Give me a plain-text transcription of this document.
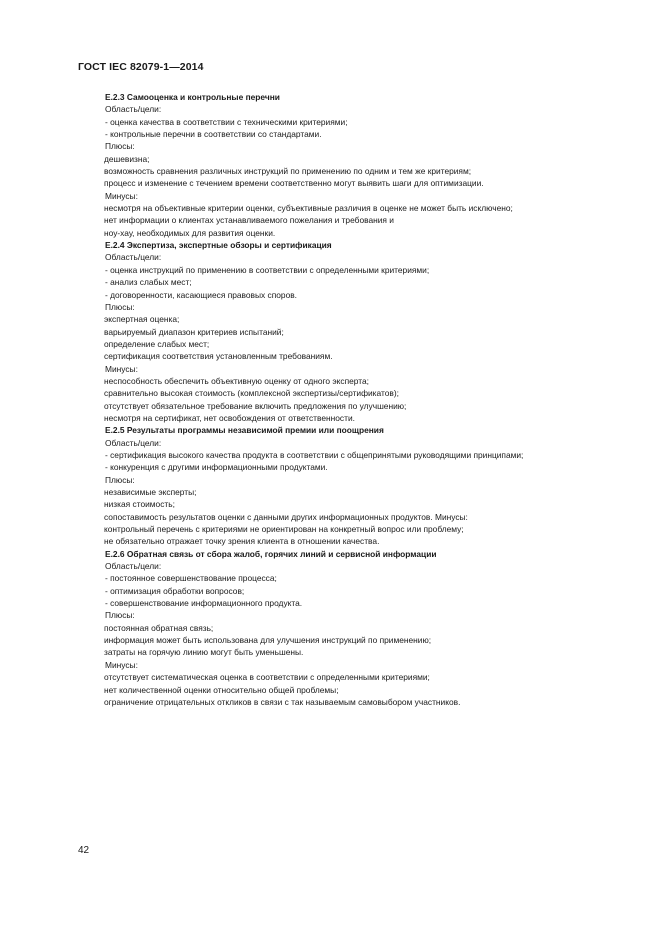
ГОСТ IEC 82079-1—2014
E.2.3 Самооценка и контрольные перечни
Область/цели:
- оценка качества в соответствии с техническими критериями;
- контрольные перечни в соответствии со стандартами.
Плюсы:
дешевизна;
возможность сравнения различных инструкций по применению по одним и тем же критериям;
процесс и изменение с течением времени соответственно могут выявить шаги для оптимизации.
Минусы:
несмотря на объективные критерии оценки, субъективные различия в оценке не может быть исключено;
нет информации о клиентах устанавливаемого пожелания и требования и
ноу-хау, необходимых для развития оценки.
E.2.4 Экспертиза, экспертные обзоры и сертификация
Область/цели:
- оценка инструкций по применению в соответствии с определенными критериями;
- анализ слабых мест;
- договоренности, касающиеся правовых споров.
Плюсы:
экспертная оценка;
варьируемый диапазон критериев испытаний;
определение слабых мест;
сертификация соответствия установленным требованиям.
Минусы:
неспособность обеспечить объективную оценку от одного эксперта;
сравнительно высокая стоимость (комплексной экспертизы/сертификатов);
отсутствует обязательное требование включить предложения по улучшению;
несмотря на сертификат, нет освобождения от ответственности.
E.2.5 Результаты программы независимой премии или поощрения
Область/цели:
- сертификация высокого качества продукта в соответствии с общепринятыми руководящими принципами;
- конкуренция с другими информационными продуктами.
Плюсы:
независимые эксперты;
низкая стоимость;
сопоставимость результатов оценки с данными других информационных продуктов. Минусы:
контрольный перечень с критериями не ориентирован на конкретный вопрос или проблему;
не обязательно отражает точку зрения клиента в отношении качества.
E.2.6 Обратная связь от сбора жалоб, горячих линий и сервисной информации
Область/цели:
- постоянное совершенствование процесса;
- оптимизация обработки вопросов;
- совершенствование информационного продукта.
Плюсы:
постоянная обратная связь;
информация может быть использована для улучшения инструкций по применению;
затраты на горячую линию могут быть уменьшены.
Минусы:
отсутствует систематическая оценка в соответствии с определенными критериями;
нет количественной оценки относительно общей проблемы;
ограничение отрицательных откликов в связи с так называемым самовыбором участников.
42
